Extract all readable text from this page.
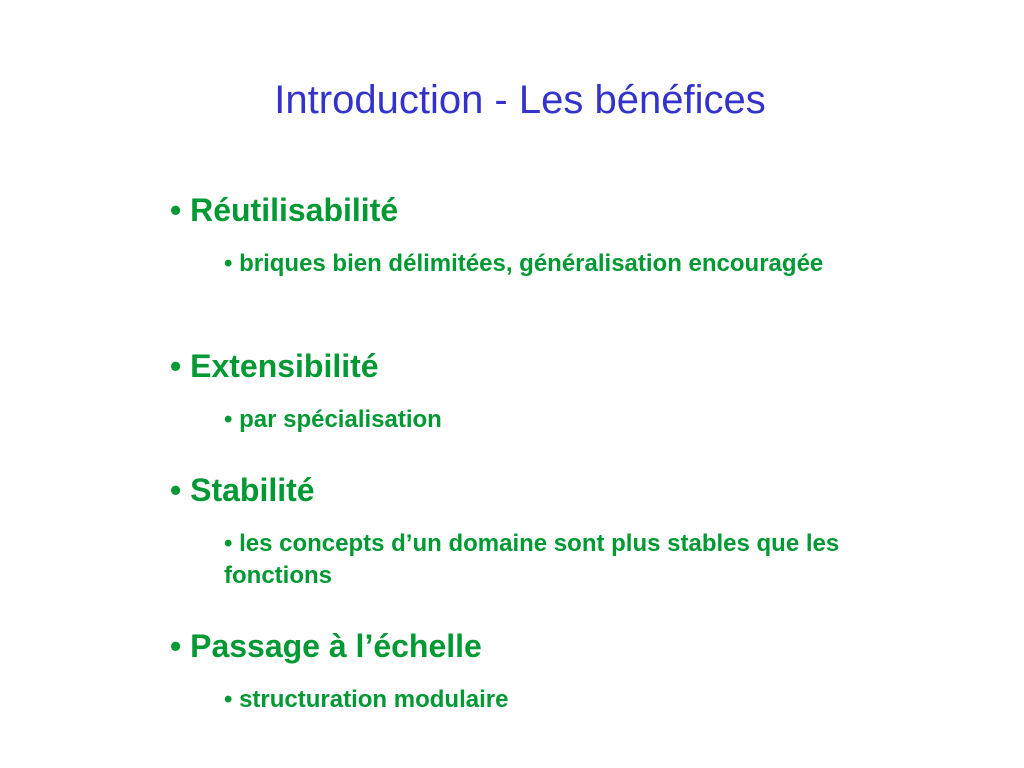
Introduction - Les bénéfices
• Réutilisabilité
• briques bien délimitées, généralisation encouragée
• Extensibilité
• par spécialisation
• Stabilité
• les concepts d’un domaine sont plus stables que les fonctions
• Passage à l’échelle
• structuration modulaire
